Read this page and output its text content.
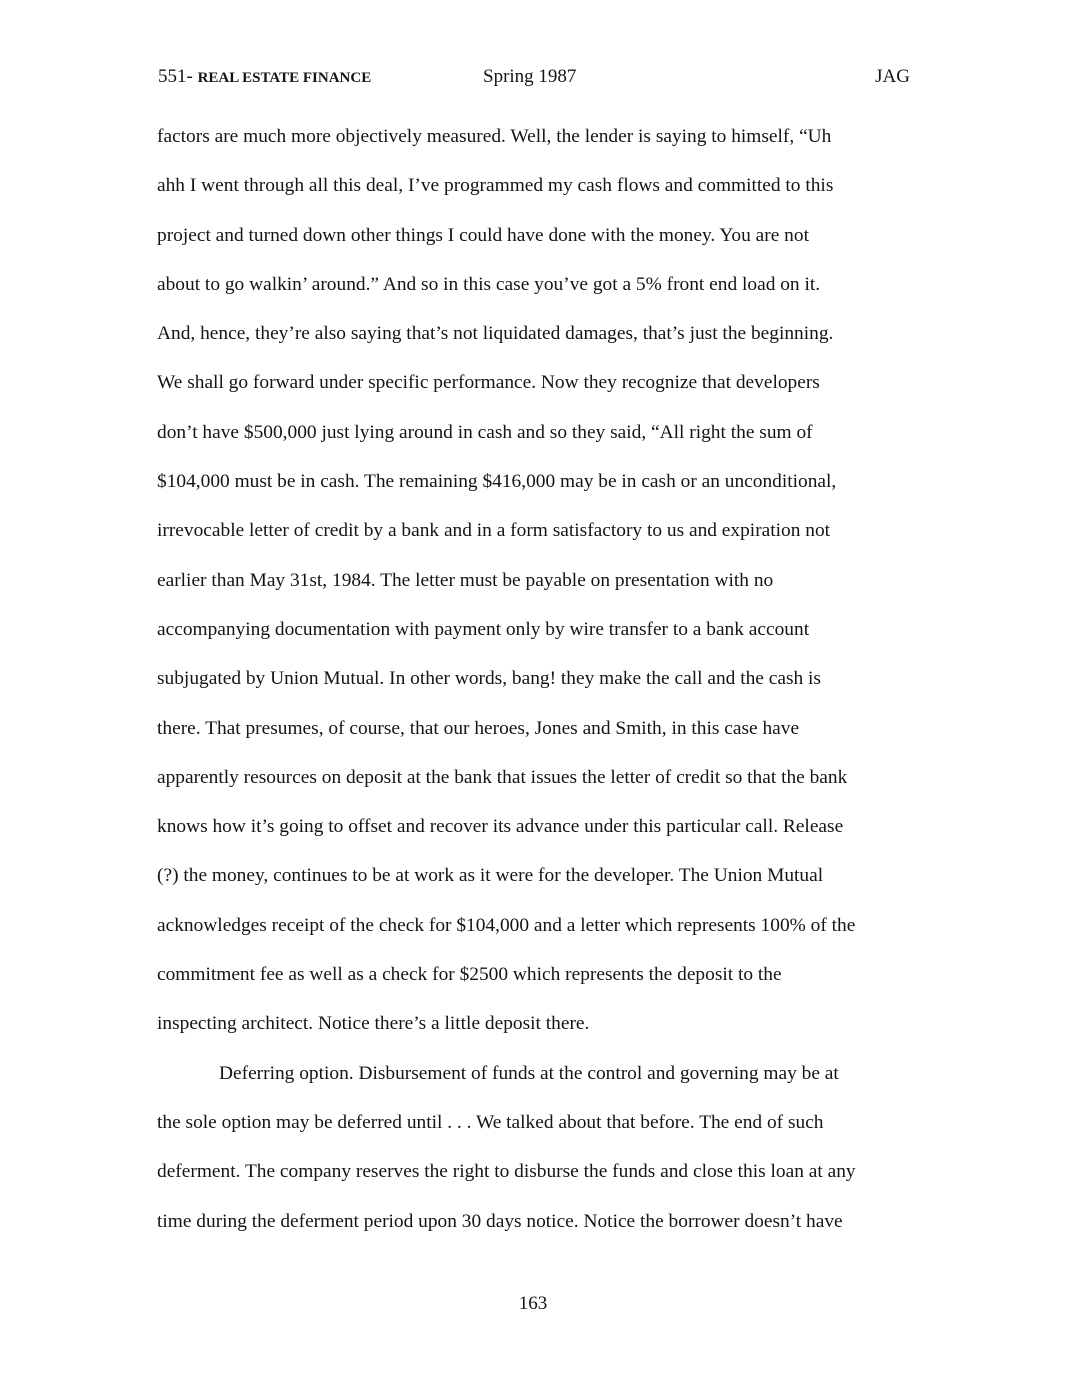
551- REAL ESTATE FINANCE	Spring 1987	JAG
factors are much more objectively measured. Well, the lender is saying to himself, “Uh
ahh I went through all this deal, I’ve programmed my cash flows and committed to this
project and turned down other things I could have done with the money. You are not
about to go walkin’ around.” And so in this case you’ve got a 5% front end load on it.
And, hence, they’re also saying that’s not liquidated damages, that’s just the beginning.
We shall go forward under specific performance. Now they recognize that developers
don’t have $500,000 just lying around in cash and so they said, “All right the sum of
$104,000 must be in cash. The remaining $416,000 may be in cash or an unconditional,
irrevocable letter of credit by a bank and in a form satisfactory to us and expiration not
earlier than May 31st, 1984. The letter must be payable on presentation with no
accompanying documentation with payment only by wire transfer to a bank account
subjugated by Union Mutual. In other words, bang! they make the call and the cash is
there. That presumes, of course, that our heroes, Jones and Smith, in this case have
apparently resources on deposit at the bank that issues the letter of credit so that the bank
knows how it’s going to offset and recover its advance under this particular call. Release
(?) the money, continues to be at work as it were for the developer. The Union Mutual
acknowledges receipt of the check for $104,000 and a letter which represents 100% of the
commitment fee as well as a check for $2500 which represents the deposit to the
inspecting architect. Notice there’s a little deposit there.
Deferring option. Disbursement of funds at the control and governing may be at
the sole option may be deferred until . . . We talked about that before. The end of such
deferment. The company reserves the right to disburse the funds and close this loan at any
time during the deferment period upon 30 days notice. Notice the borrower doesn’t have
163
